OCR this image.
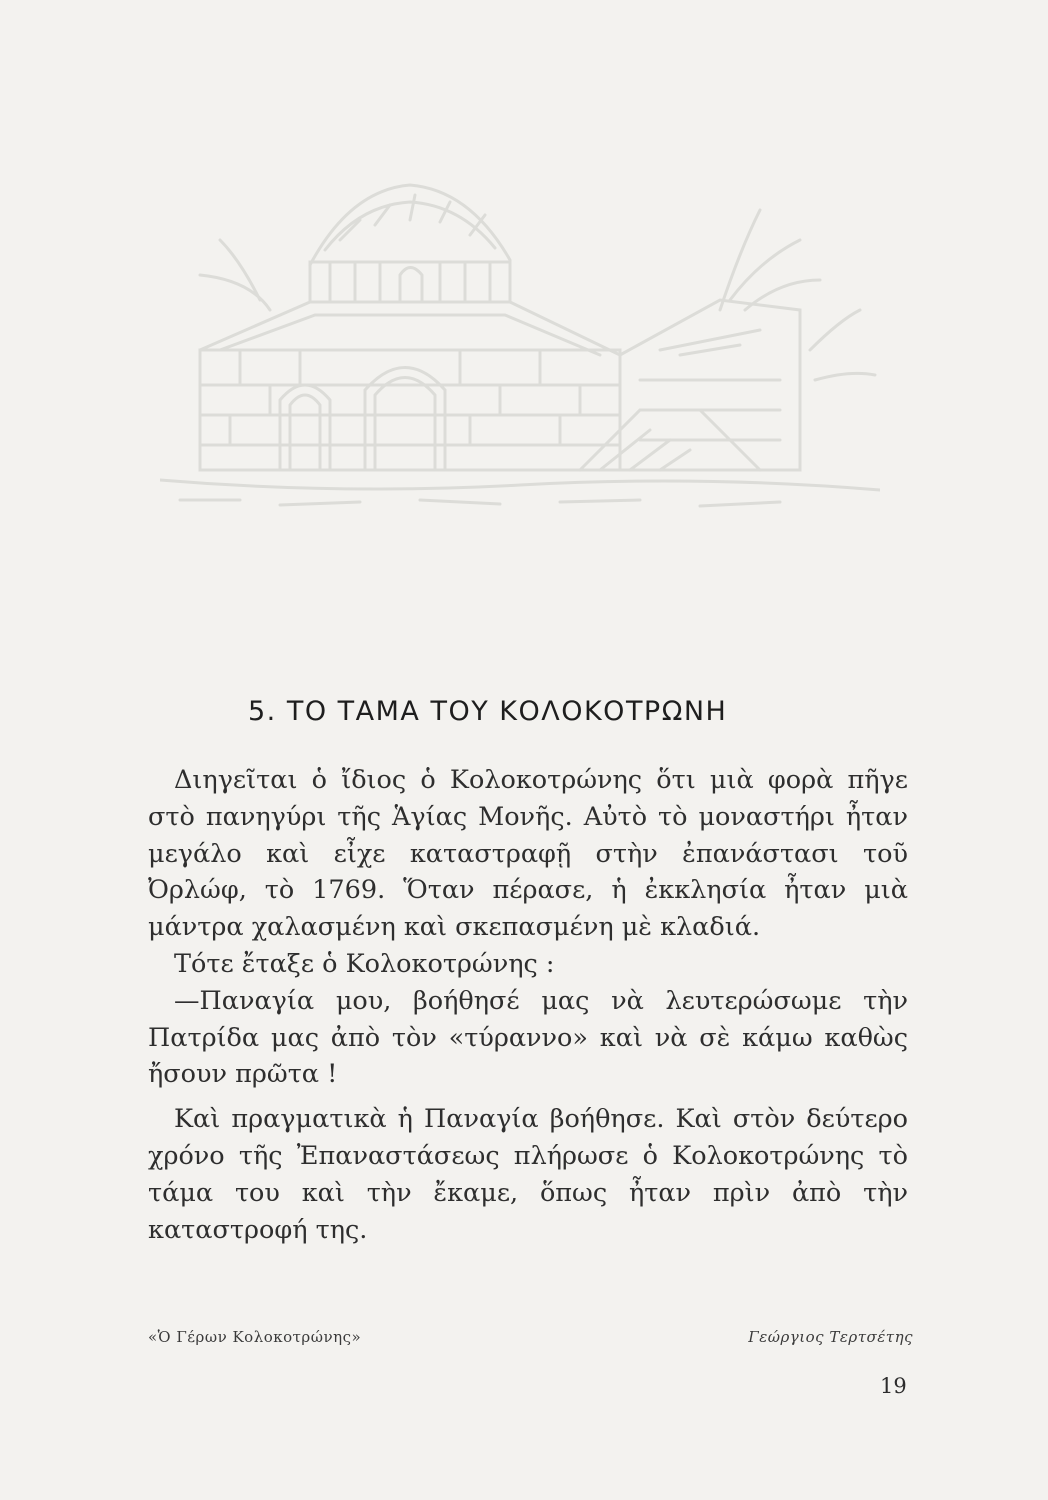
5. ΤΟ ΤΑΜΑ ΤΟΥ ΚΟΛΟΚΟΤΡΩΝΗ

Διηγεῖται ὁ ἴδιος ὁ Κολοκοτρώνης ὅτι μιὰ φορὰ πῆγε στὸ πανηγύρι τῆς Ἁγίας Μονῆς. Αὐτὸ τὸ μοναστήρι ἦταν μεγάλο καὶ εἶχε καταστραφῇ στὴν ἐπανάστασι τοῦ Ὀρλώφ, τὸ 1769. Ὅταν πέρασε, ἡ ἐκκλησία ἦταν μιὰ μάντρα χαλασμένη καὶ σκεπασμένη μὲ κλαδιά.

Τότε ἔταξε ὁ Κολοκοτρώνης :

—Παναγία μου, βοήθησέ μας νὰ λευτερώσωμε τὴν Πατρίδα μας ἀπὸ τὸν «τύραννο» καὶ νὰ σὲ κάμω καθὼς ἤσουν πρῶτα !

Καὶ πραγματικὰ ἡ Παναγία βοήθησε. Καὶ στὸν δεύτερο χρόνο τῆς Ἐπαναστάσεως πλήρωσε ὁ Κολοκοτρώνης τὸ τάμα του καὶ τὴν ἔκαμε, ὅπως ἦταν πρὶν ἀπὸ τὴν καταστροφή της.

«Ὁ Γέρων Κολοκοτρώνης»	Γεώργιος Τερτσέτης
19
